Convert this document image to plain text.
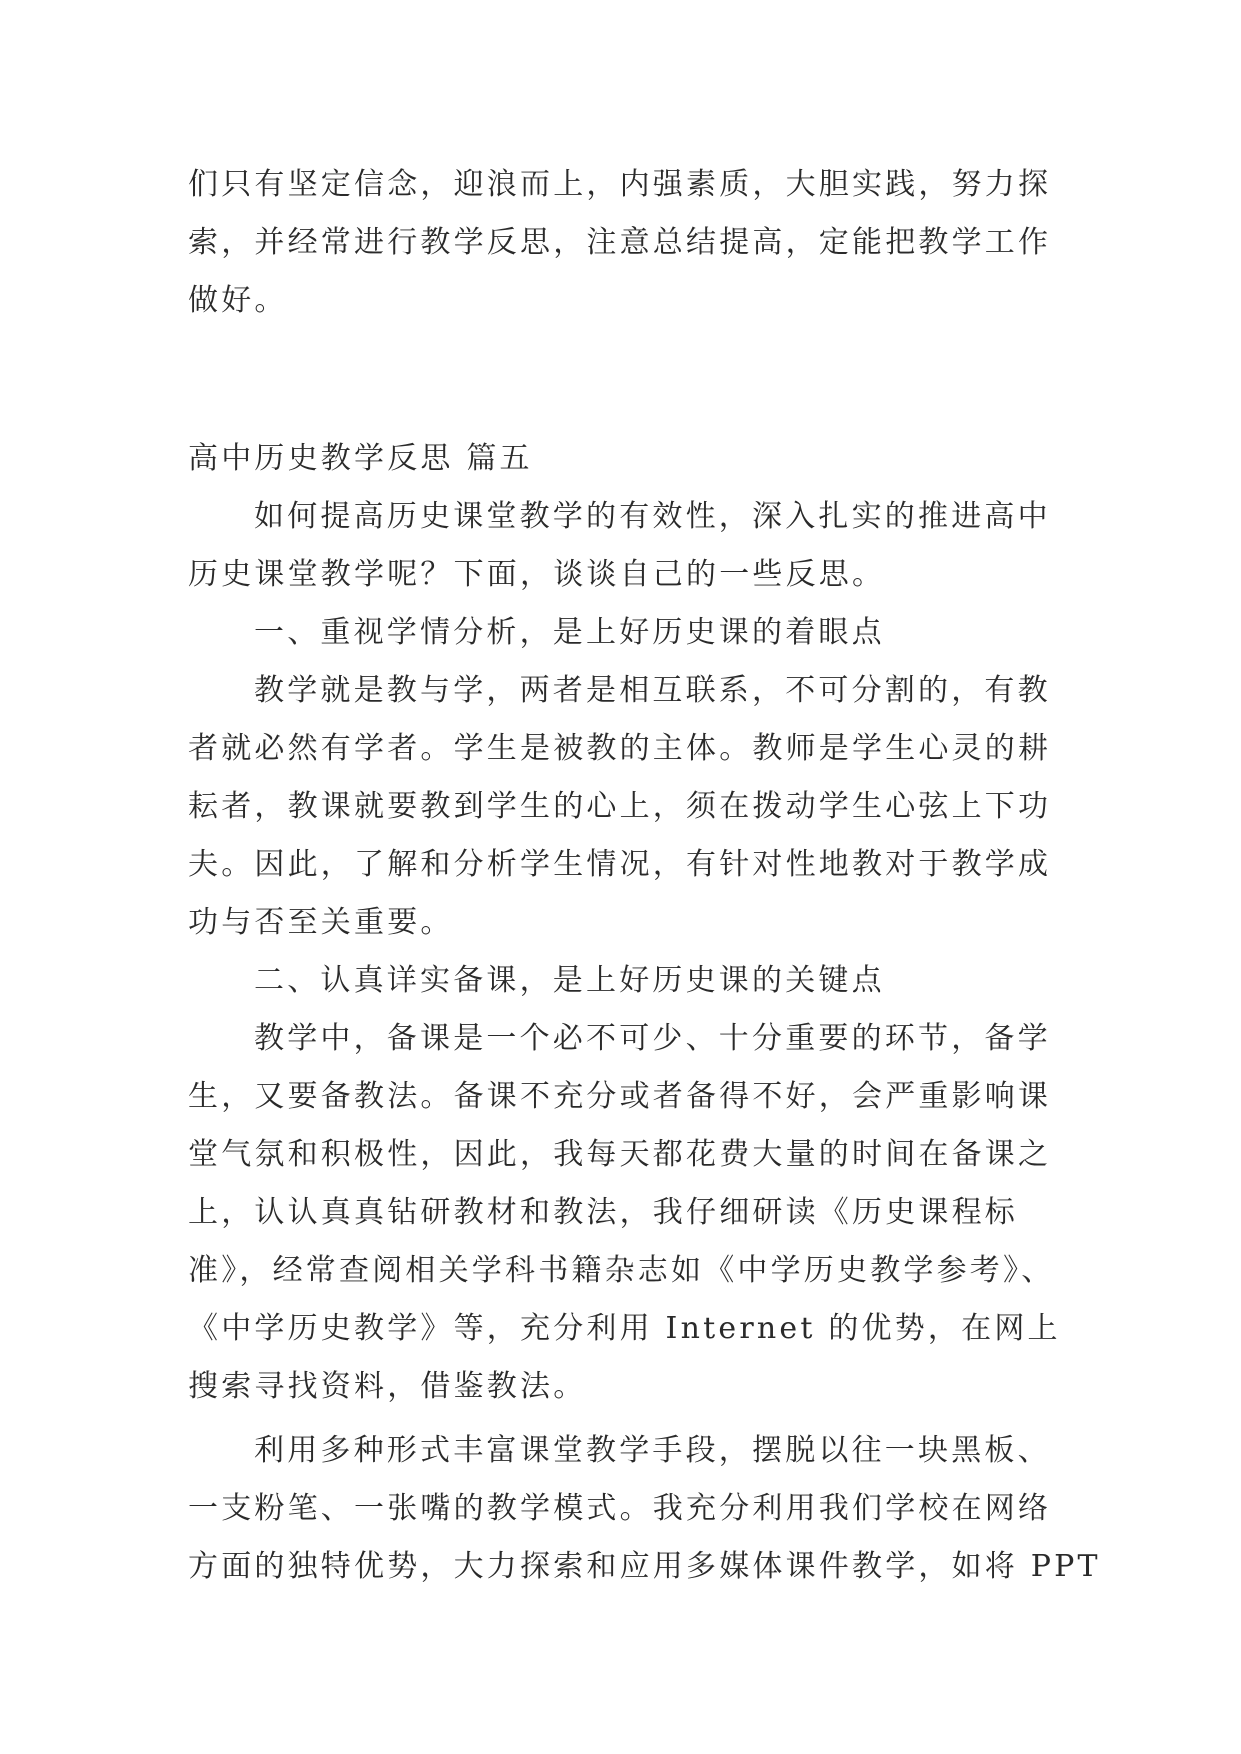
们只有坚定信念，迎浪而上，内强素质，大胆实践，努力探
索，并经常进行教学反思，注意总结提高，定能把教学工作
做好。
高中历史教学反思 篇五
如何提高历史课堂教学的有效性，深入扎实的推进高中
历史课堂教学呢？下面，谈谈自己的一些反思。
一、重视学情分析，是上好历史课的着眼点
教学就是教与学，两者是相互联系，不可分割的，有教
者就必然有学者。学生是被教的主体。教师是学生心灵的耕
耘者，教课就要教到学生的心上，须在拨动学生心弦上下功
夫。因此，了解和分析学生情况，有针对性地教对于教学成
功与否至关重要。
二、认真详实备课，是上好历史课的关键点
教学中，备课是一个必不可少、十分重要的环节，备学
生，又要备教法。备课不充分或者备得不好，会严重影响课
堂气氛和积极性，因此，我每天都花费大量的时间在备课之
上，认认真真钻研教材和教法，我仔细研读《历史课程标
准》，经常查阅相关学科书籍杂志如《中学历史教学参考》、
《中学历史教学》等，充分利用 Internet 的优势，在网上
搜索寻找资料，借鉴教法。
利用多种形式丰富课堂教学手段，摆脱以往一块黑板、
一支粉笔、一张嘴的教学模式。我充分利用我们学校在网络
方面的独特优势，大力探索和应用多媒体课件教学，如将 PPT
